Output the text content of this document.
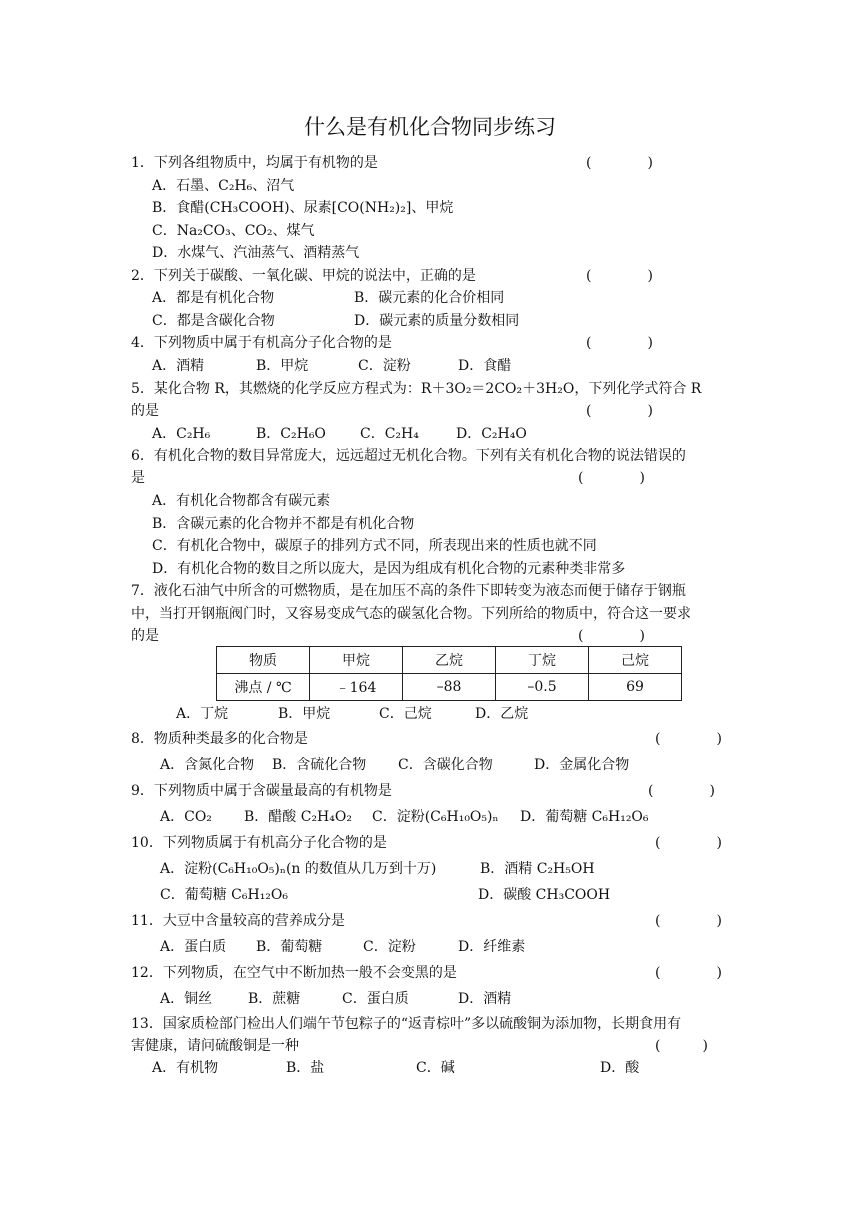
什么是有机化合物同步练习
1．下列各组物质中，均属于有机物的是	(　　　　)
A．石墨、C₂H₆、沼气
B．食醋(CH₃COOH)、尿素[CO(NH₂)₂]、甲烷
C．Na₂CO₃、CO₂、煤气
D．水煤气、汽油蒸气、酒精蒸气
2．下列关于碳酸、一氧化碳、甲烷的说法中，正确的是	(　　　　)
A．都是有机化合物	B．碳元素的化合价相同
C．都是含碳化合物	D．碳元素的质量分数相同
4．下列物质中属于有机高分子化合物的是	(　　　　)
A．酒精	B．甲烷	C．淀粉	D．食醋
5．某化合物 R，其燃烧的化学反应方程式为：R＋3O₂＝2CO₂＋3H₂O，下列化学式符合 R
的是	(　　　　)
A．C₂H₆	B．C₂H₆O C．C₂H₄	D．C₂H₄O
6．有机化合物的数目异常庞大，远远超过无机化合物。下列有关有机化合物的说法错误的
是	(　　　　)
A．有机化合物都含有碳元素
B．含碳元素的化合物并不都是有机化合物
C．有机化合物中，碳原子的排列方式不同，所表现出来的性质也就不同
D．有机化合物的数目之所以庞大，是因为组成有机化合物的元素种类非常多
7．液化石油气中所含的可燃物质，是在加压不高的条件下即转变为液态而便于储存于钢瓶
中，当打开钢瓶阀门时，又容易变成气态的碳氢化合物。下列所给的物质中，符合这一要求
的是	(　　　　)
物质	甲烷	乙烷	丁烷	己烷
沸点 / ℃	﹣164	–88	–0.5	69
A．丁烷	B．甲烷	C．己烷	D．乙烷
8．物质种类最多的化合物是	(　　　　)
A．含氮化合物 B．含硫化合物 C．含碳化合物	D．金属化合物
9．下列物质中属于含碳量最高的有机物是	(　　　　)
A．CO₂ B．醋酸 C₂H₄O₂ C．淀粉(C₆H₁₀O₅)ₙ D．葡萄糖 C₆H₁₂O₆
10．下列物质属于有机高分子化合物的是	(　　　　)
A．淀粉(C₆H₁₀O₅)ₙ(n 的数值从几万到十万)	B．酒精 C₂H₅OH
C．葡萄糖 C₆H₁₂O₆	D．碳酸 CH₃COOH
11．大豆中含量较高的营养成分是	(　　　　)
A．蛋白质 B．葡萄糖	C．淀粉	D．纤维素
12．下列物质，在空气中不断加热一般不会变黑的是	(　　　　)
A．铜丝	B．蔗糖	C．蛋白质	D．酒精
13．国家质检部门检出人们端午节包粽子的“返青棕叶”多以硫酸铜为添加物，长期食用有
害健康，请问硫酸铜是一种	(　　　)
A．有机物	B．盐	C．碱	D．酸
